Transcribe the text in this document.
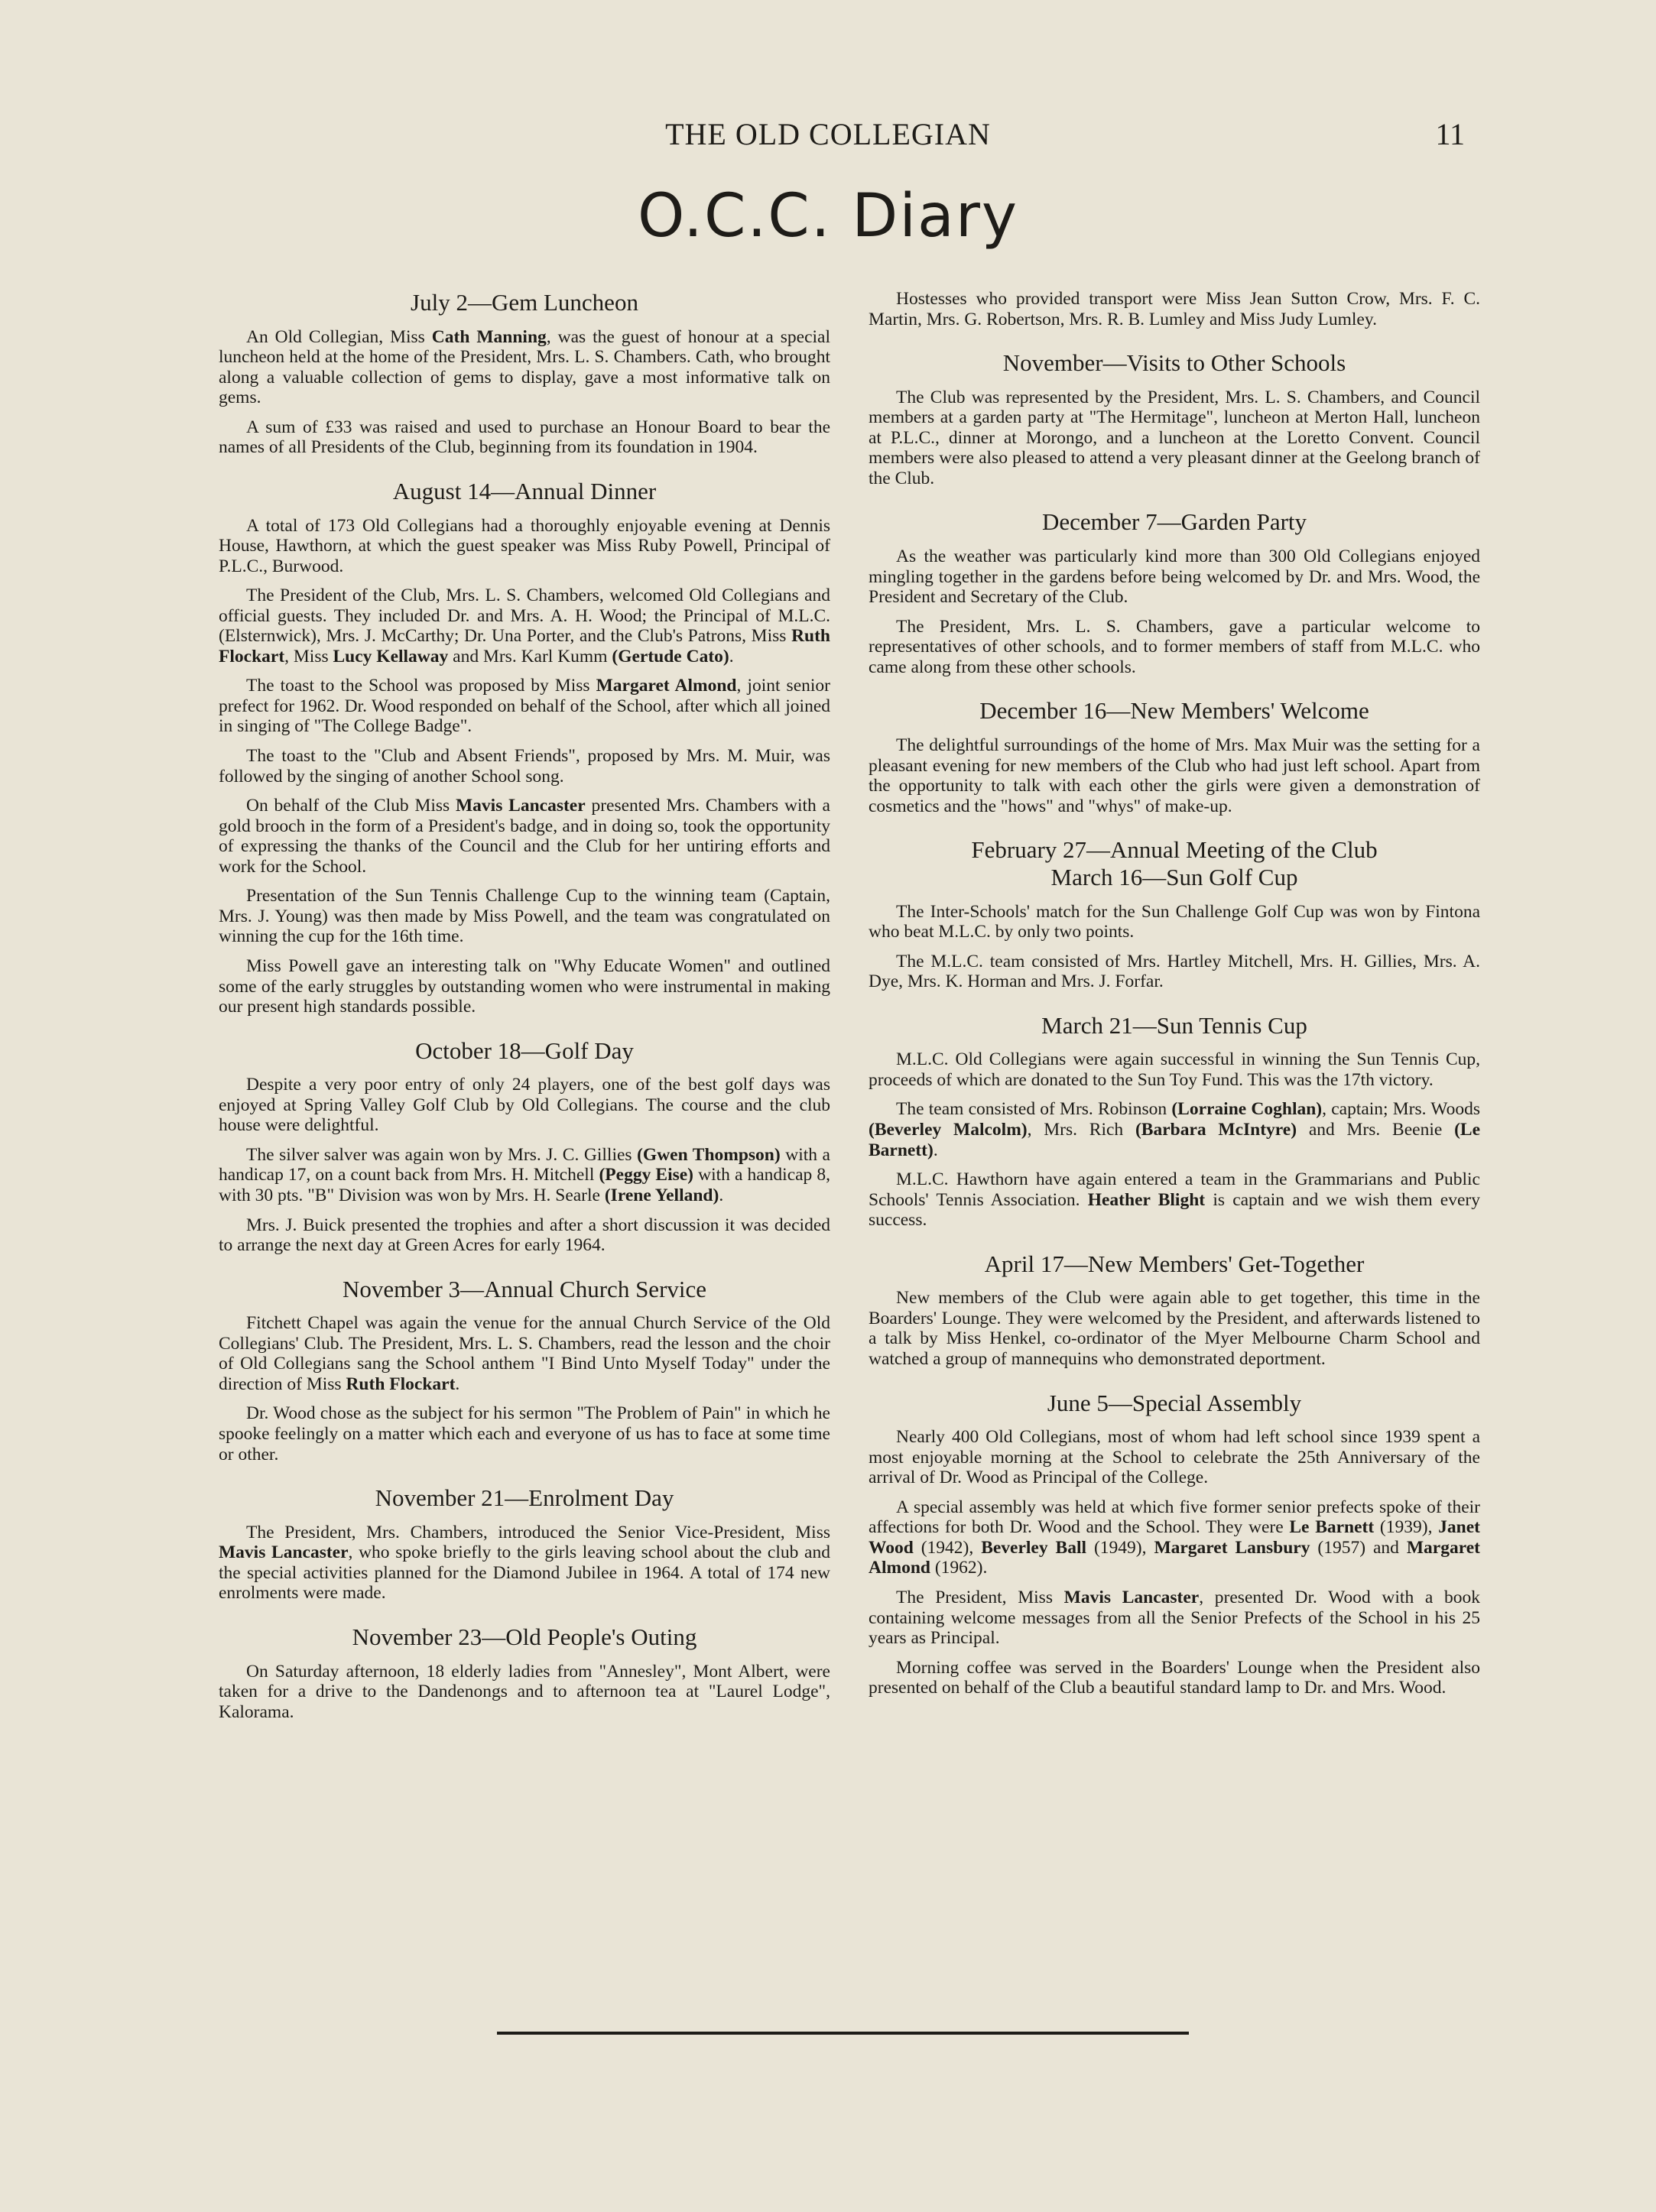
THE OLD COLLEGIAN	11
O.C.C. Diary
July 2—Gem Luncheon

An Old Collegian, Miss Cath Manning, was the guest of honour at a special luncheon held at the home of the President, Mrs. L. S. Chambers. Cath, who brought along a valuable collection of gems to display, gave a most informative talk on gems.

A sum of £33 was raised and used to purchase an Honour Board to bear the names of all Presidents of the Club, beginning from its foundation in 1904.

August 14—Annual Dinner

A total of 173 Old Collegians had a thoroughly enjoyable evening at Dennis House, Hawthorn, at which the guest speaker was Miss Ruby Powell, Principal of P.L.C., Burwood.

The President of the Club, Mrs. L. S. Chambers, welcomed Old Collegians and official guests. They included Dr. and Mrs. A. H. Wood; the Principal of M.L.C. (Elsternwick), Mrs. J. McCarthy; Dr. Una Porter, and the Club's Patrons, Miss Ruth Flockart, Miss Lucy Kellaway and Mrs. Karl Kumm (Gertude Cato).

The toast to the School was proposed by Miss Margaret Almond, joint senior prefect for 1962. Dr. Wood responded on behalf of the School, after which all joined in singing of "The College Badge".

The toast to the "Club and Absent Friends", proposed by Mrs. M. Muir, was followed by the singing of another School song.

On behalf of the Club Miss Mavis Lancaster presented Mrs. Chambers with a gold brooch in the form of a President's badge, and in doing so, took the opportunity of expressing the thanks of the Council and the Club for her untiring efforts and work for the School.

Presentation of the Sun Tennis Challenge Cup to the winning team (Captain, Mrs. J. Young) was then made by Miss Powell, and the team was congratulated on winning the cup for the 16th time.

Miss Powell gave an interesting talk on "Why Educate Women" and outlined some of the early struggles by outstanding women who were instrumental in making our present high standards possible.

October 18—Golf Day

Despite a very poor entry of only 24 players, one of the best golf days was enjoyed at Spring Valley Golf Club by Old Collegians. The course and the club house were delightful.

The silver salver was again won by Mrs. J. C. Gillies (Gwen Thompson) with a handicap 17, on a count back from Mrs. H. Mitchell (Peggy Eise) with a handicap 8, with 30 pts. "B" Division was won by Mrs. H. Searle (Irene Yelland).

Mrs. J. Buick presented the trophies and after a short discussion it was decided to arrange the next day at Green Acres for early 1964.

November 3—Annual Church Service

Fitchett Chapel was again the venue for the annual Church Service of the Old Collegians' Club. The President, Mrs. L. S. Chambers, read the lesson and the choir of Old Collegians sang the School anthem "I Bind Unto Myself Today" under the direction of Miss Ruth Flockart.

Dr. Wood chose as the subject for his sermon "The Problem of Pain" in which he spooke feelingly on a matter which each and everyone of us has to face at some time or other.

November 21—Enrolment Day

The President, Mrs. Chambers, introduced the Senior Vice-President, Miss Mavis Lancaster, who spoke briefly to the girls leaving school about the club and the special activities planned for the Diamond Jubilee in 1964. A total of 174 new enrolments were made.

November 23—Old People's Outing

On Saturday afternoon, 18 elderly ladies from "Annesley", Mont Albert, were taken for a drive to the Dandenongs and to afternoon tea at "Laurel Lodge", Kalorama.

Hostesses who provided transport were Miss Jean Sutton Crow, Mrs. F. C. Martin, Mrs. G. Robertson, Mrs. R. B. Lumley and Miss Judy Lumley.

November—Visits to Other Schools

The Club was represented by the President, Mrs. L. S. Chambers, and Council members at a garden party at "The Hermitage", luncheon at Merton Hall, luncheon at P.L.C., dinner at Morongo, and a luncheon at the Loretto Convent. Council members were also pleased to attend a very pleasant dinner at the Geelong branch of the Club.

December 7—Garden Party

As the weather was particularly kind more than 300 Old Collegians enjoyed mingling together in the gardens before being welcomed by Dr. and Mrs. Wood, the President and Secretary of the Club.

The President, Mrs. L. S. Chambers, gave a particular welcome to representatives of other schools, and to former members of staff from M.L.C. who came along from these other schools.

December 16—New Members' Welcome

The delightful surroundings of the home of Mrs. Max Muir was the setting for a pleasant evening for new members of the Club who had just left school. Apart from the opportunity to talk with each other the girls were given a demonstration of cosmetics and the "hows" and "whys" of make-up.

February 27—Annual Meeting of the Club
March 16—Sun Golf Cup

The Inter-Schools' match for the Sun Challenge Golf Cup was won by Fintona who beat M.L.C. by only two points.

The M.L.C. team consisted of Mrs. Hartley Mitchell, Mrs. H. Gillies, Mrs. A. Dye, Mrs. K. Horman and Mrs. J. Forfar.

March 21—Sun Tennis Cup

M.L.C. Old Collegians were again successful in winning the Sun Tennis Cup, proceeds of which are donated to the Sun Toy Fund. This was the 17th victory.

The team consisted of Mrs. Robinson (Lorraine Coghlan), captain; Mrs. Woods (Beverley Malcolm), Mrs. Rich (Barbara McIntyre) and Mrs. Beenie (Le Barnett).

M.L.C. Hawthorn have again entered a team in the Grammarians and Public Schools' Tennis Association. Heather Blight is captain and we wish them every success.

April 17—New Members' Get-Together

New members of the Club were again able to get together, this time in the Boarders' Lounge. They were welcomed by the President, and afterwards listened to a talk by Miss Henkel, co-ordinator of the Myer Melbourne Charm School and watched a group of mannequins who demonstrated deportment.

June 5—Special Assembly

Nearly 400 Old Collegians, most of whom had left school since 1939 spent a most enjoyable morning at the School to celebrate the 25th Anniversary of the arrival of Dr. Wood as Principal of the College.

A special assembly was held at which five former senior prefects spoke of their affections for both Dr. Wood and the School. They were Le Barnett (1939), Janet Wood (1942), Beverley Ball (1949), Margaret Lansbury (1957) and Margaret Almond (1962).

The President, Miss Mavis Lancaster, presented Dr. Wood with a book containing welcome messages from all the Senior Prefects of the School in his 25 years as Principal.

Morning coffee was served in the Boarders' Lounge when the President also presented on behalf of the Club a beautiful standard lamp to Dr. and Mrs. Wood.
